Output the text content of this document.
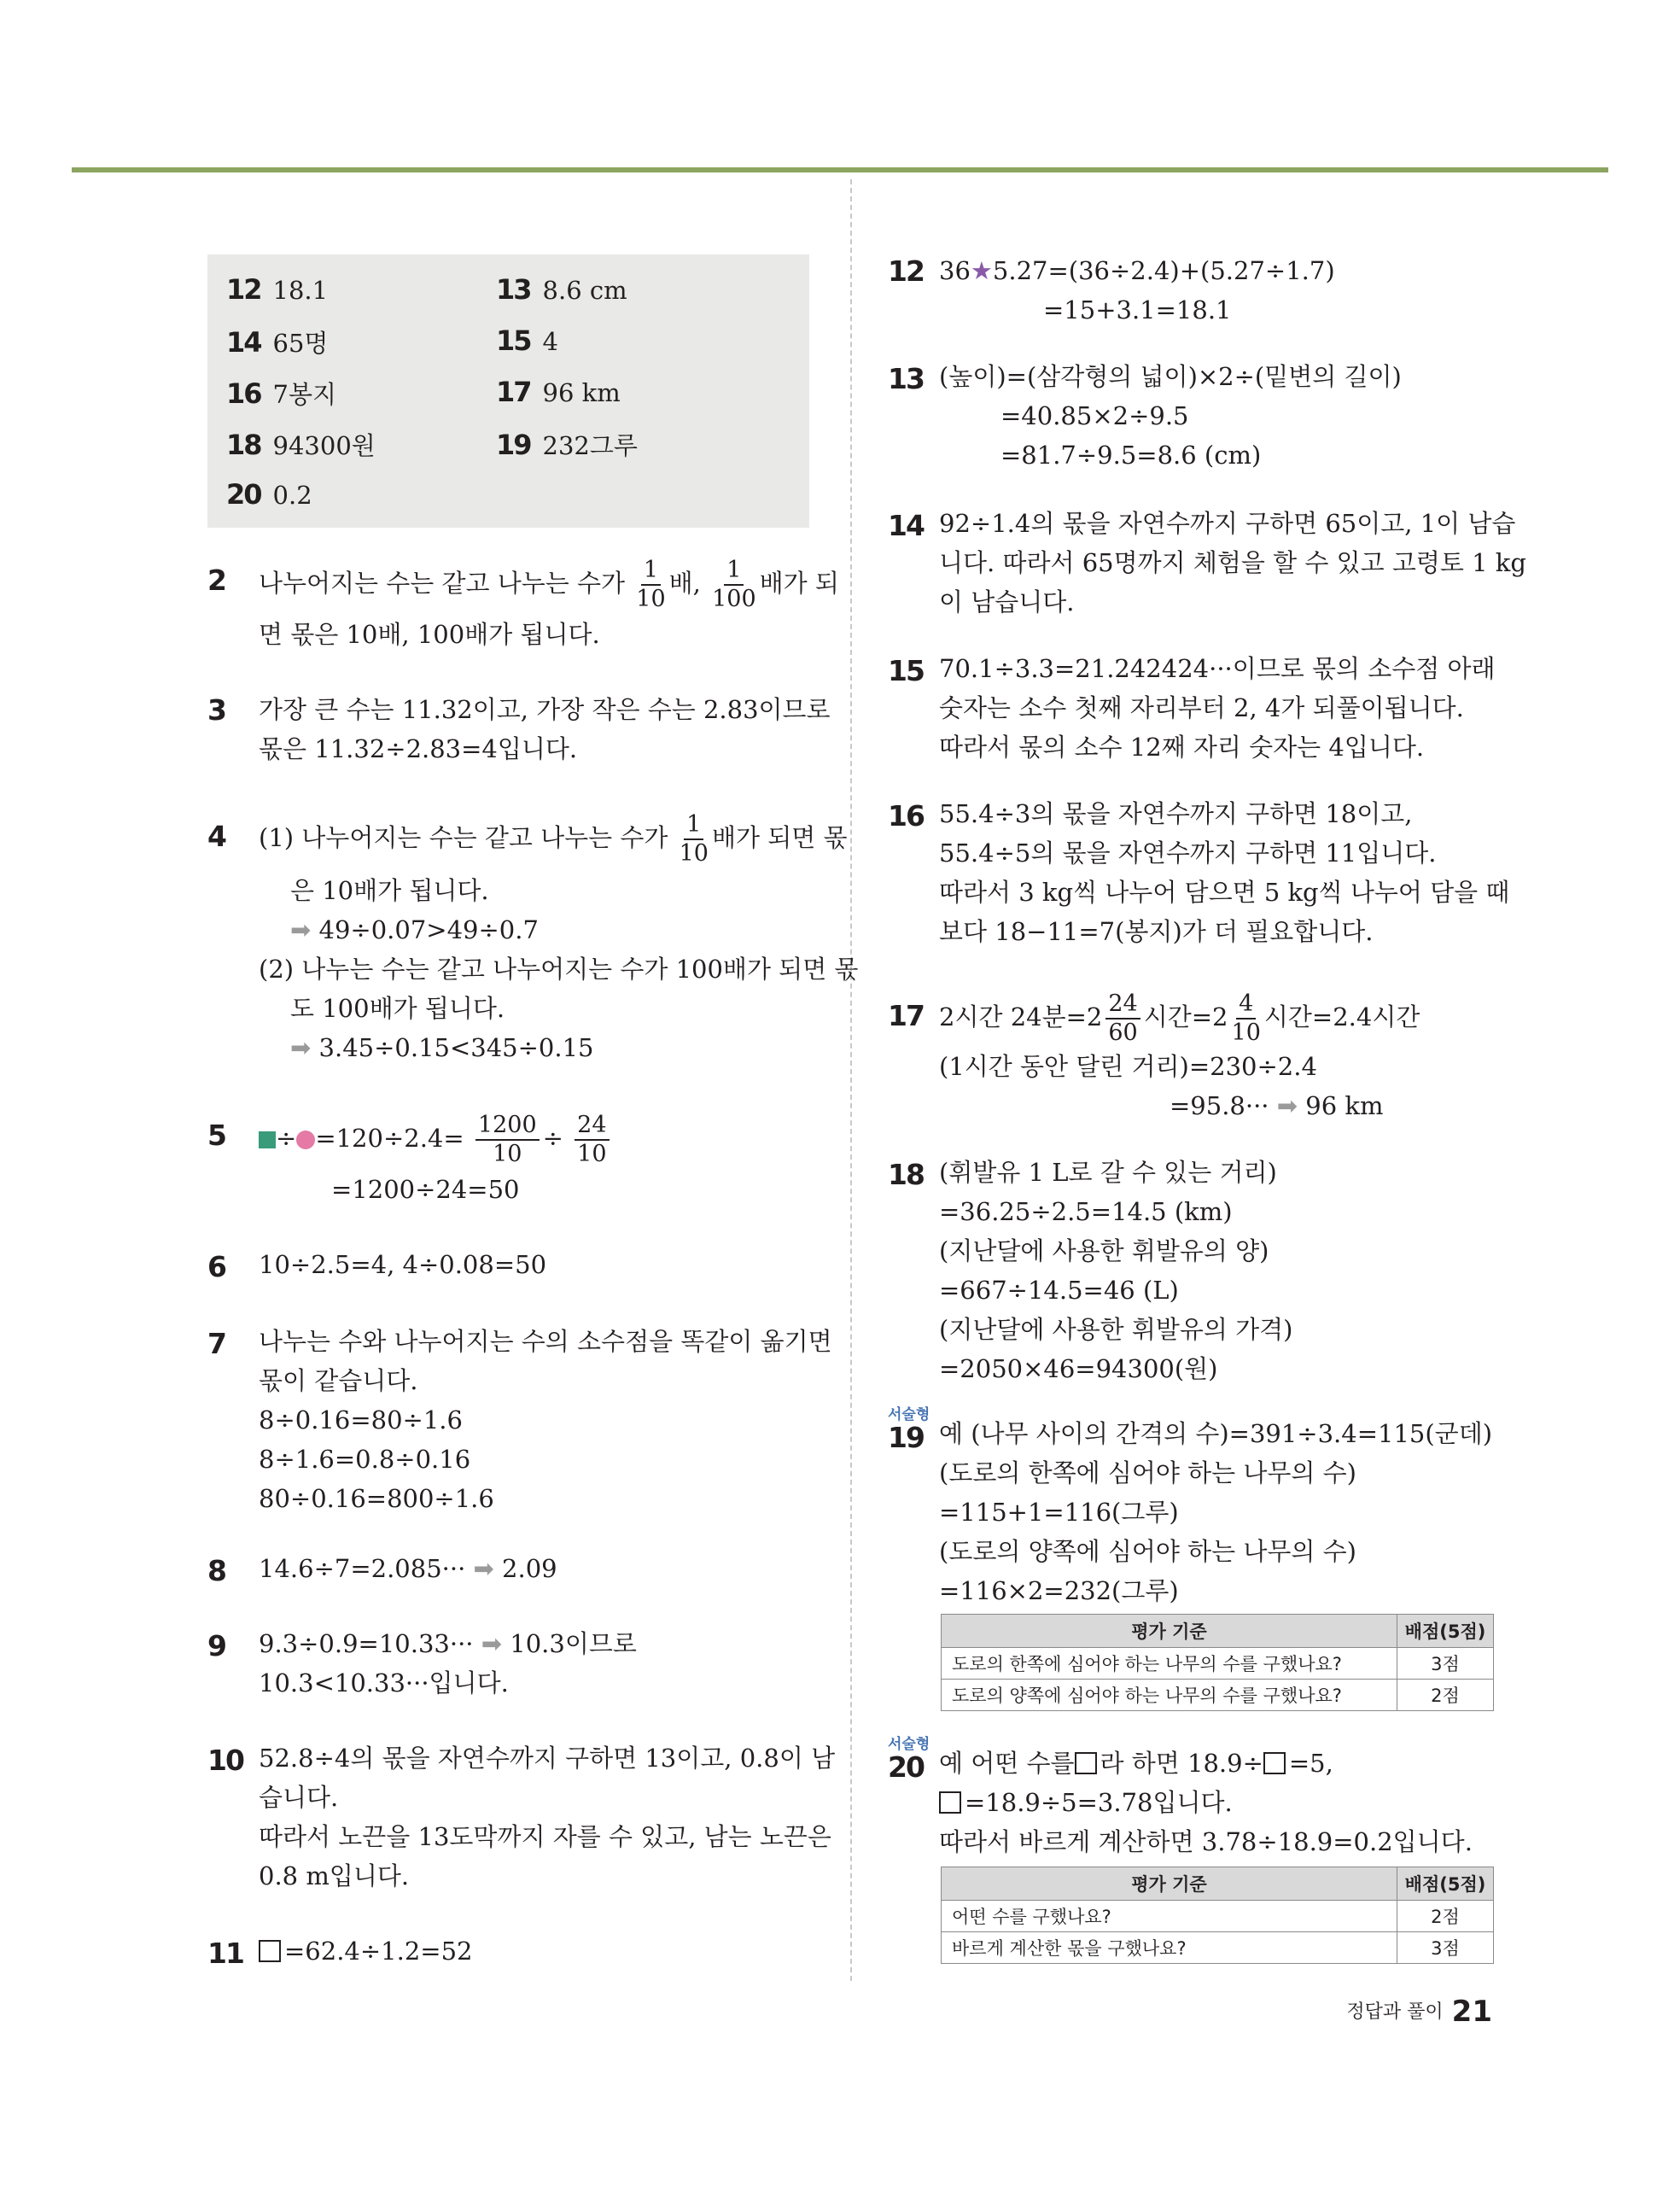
12 18.1	13 8.6 cm
14 65명	15 4
16 7봉지	17 96 km
18 94300원	19 232그루
20 0.2
2 나누어지는 수는 같고 나누는 수가 $\frac{1}{10}$ 배, $\frac{1}{100}$ 배가 되
면 몫은 10배, 100배가 됩니다.
3 가장 큰 수는 11.32이고, 가장 작은 수는 2.83이므로
몫은 11.32÷2.83=4입니다.
4 (1) 나누어지는 수는 같고 나누는 수가 $\frac{1}{10}$ 배가 되면 몫
은 10배가 됩니다.
➡ 49÷0.07>49÷0.7
(2) 나누는 수는 같고 나누어지는 수가 100배가 되면 몫
도 100배가 됩니다.
➡ 3.45÷0.15<345÷0.15
5	÷ $=120\div 2.4= \frac{1200}{10} \div \frac{24}{10}$
=1200÷24=50
6 10÷2.5=4, 4÷0.08=50
7 나누는 수와 나누어지는 수의 소수점을 똑같이 옮기면
몫이 같습니다.
8÷0.16=80÷1.6
8÷1.6=0.8÷0.16
80÷0.16=800÷1.6
8 14.6÷7=2.085··· ➡ 2.09
9 9.3÷0.9=10.33··· ➡ 10.3이므로
10.3<10.33···입니다.
10 52.8÷4의 몫을 자연수까지 구하면 13이고, 0.8이 남
습니다.
따라서 노끈을 13도막까지 자를 수 있고, 남는 노끈은
0.8 m입니다.
11	=62.4÷1.2=52
12 36★5.27=(36÷2.4)+(5.27÷1.7)
=15+3.1=18.1
13 (높이)=(삼각형의 넓이)×2÷(밑변의 길이)
=40.85×2÷9.5
=81.7÷9.5=8.6 (cm)
14 92÷1.4의 몫을 자연수까지 구하면 65이고, 1이 남습
니다. 따라서 65명까지 체험을 할 수 있고 고령토 1 kg
이 남습니다.
15 70.1÷3.3=21.242424···이므로 몫의 소수점 아래
숫자는 소수 첫째 자리부터 2, 4가 되풀이됩니다.
따라서 몫의 소수 12째 자리 숫자는 4입니다.
16 55.4÷3의 몫을 자연수까지 구하면 18이고,
55.4÷5의 몫을 자연수까지 구하면 11입니다.
따라서 3 kg씩 나누어 담으면 5 kg씩 나누어 담을 때
보다 18−11=7(봉지)가 더 필요합니다.
17 2시간 24분$=2 \frac{24}{60}$ 시간$=2 \frac{4}{10}$ 시간=2.4시간
(1시간 동안 달린 거리)=230÷2.4
=95.8··· ➡ 96 km
18 (휘발유 1 L로 갈 수 있는 거리)
=36.25÷2.5=14.5 (km)
(지난달에 사용한 휘발유의 양)
=667÷14.5=46 (L)
(지난달에 사용한 휘발유의 가격)
=2050×46=94300(원)
서술형
19 예 (나무 사이의 간격의 수)=391÷3.4=115(군데)
(도로의 한쪽에 심어야 하는 나무의 수)
=115+1=116(그루)
(도로의 양쪽에 심어야 하는 나무의 수)
=116×2=232(그루)
평가 기준	배점(5점)
도로의 한쪽에 심어야 하는 나무의 수를 구했나요?	3점
도로의 양쪽에 심어야 하는 나무의 수를 구했나요?	2점
서술형
20 예 어떤 수를 라 하면 18.9÷ =5,
=18.9÷5=3.78입니다.
따라서 바르게 계산하면 3.78÷18.9=0.2입니다.
평가 기준	배점(5점)
어떤 수를 구했나요?	2점
바르게 계산한 몫을 구했나요?	3점
정답과 풀이 21
